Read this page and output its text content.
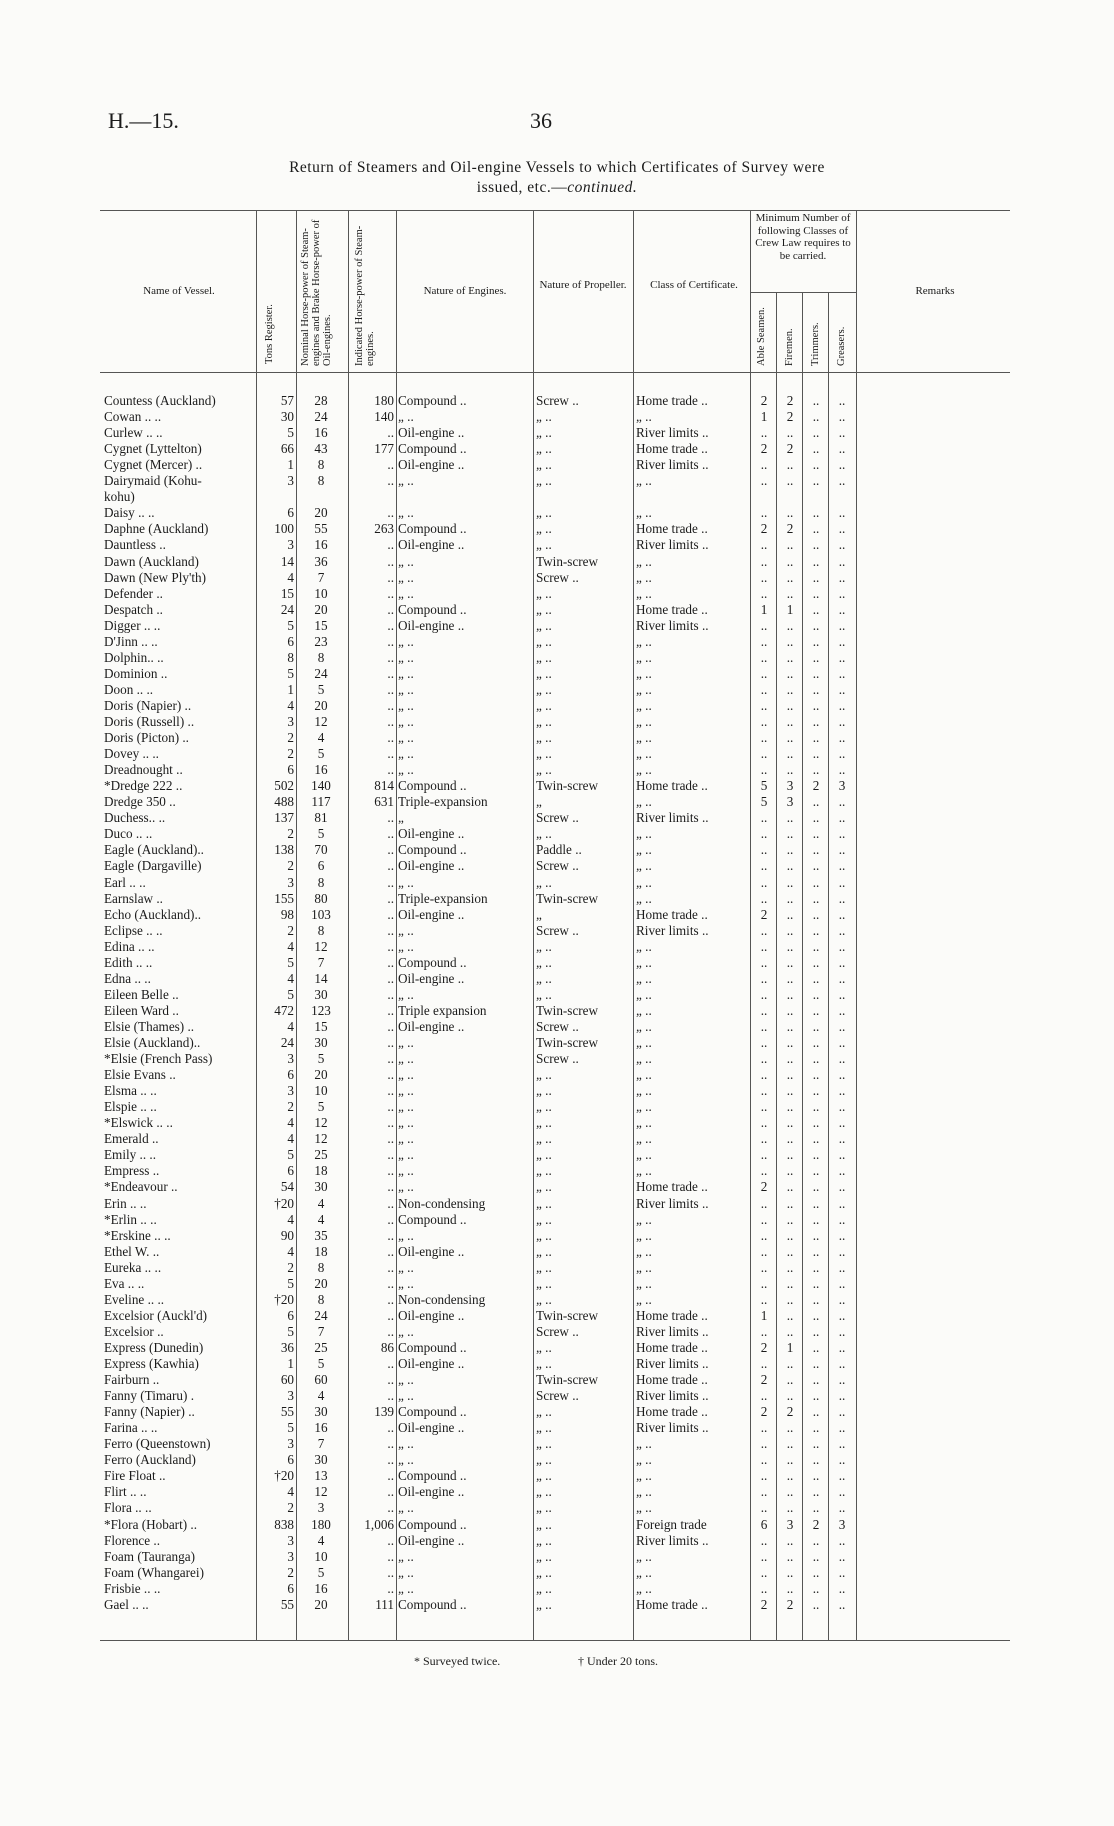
H.—15.	36
Return of Steamers and Oil-engine Vessels to which Certificates of Survey were
issued, etc.—continued.
Name of Vessel.
Tons Register. Nominal Horse-power of Steam-engines and Brake Horse-power of Oil-engines. Indicated Horse-power of Steam-engines.
Nature of Engines.	Nature of Propeller.	Class of Certificate.
Minimum Number of following Classes of Crew Law requires to be carried.
Able Seamen. Firemen. Trimmers. Greasers.
Remarks
Countess (Auckland)	57	28	180 Compound ..	Screw ..	Home trade ..	2	2	..	..
Cowan .. ..	30	24	140 „ ..	„ ..	„ ..	1	2	..	..
Curlew .. ..	5	16	.. Oil-engine ..	„ ..	River limits ..	..	..	..	..
Cygnet (Lyttelton)	66	43	177 Compound ..	„ ..	Home trade ..	2	2	..	..
Cygnet (Mercer) ..	1	8	.. Oil-engine ..	„ ..	River limits ..	..	..	..	..
Dairymaid (Kohu-	3	8	.. „ ..	„ ..	„ ..	..	..	..	..
kohu)
Daisy .. ..	6	20	.. „ ..	„ ..	„ ..	..	..	..	..
Daphne (Auckland)	100	55	263 Compound ..	„ ..	Home trade ..	2	2	..	..
Dauntless ..	3	16	.. Oil-engine ..	„ ..	River limits ..	..	..	..	..
Dawn (Auckland)	14	36	.. „ ..	Twin-screw	„ ..	..	..	..	..
Dawn (New Ply'th)	4	7	.. „ ..	Screw ..	„ ..	..	..	..	..
Defender ..	15	10	.. „ ..	„ ..	„ ..	..	..	..	..
Despatch ..	24	20	.. Compound ..	„ ..	Home trade ..	1	1	..	..
Digger .. ..	5	15	.. Oil-engine ..	„ ..	River limits ..	..	..	..	..
D'Jinn .. ..	6	23	.. „ ..	„ ..	„ ..	..	..	..	..
Dolphin.. ..	8	8	.. „ ..	„ ..	„ ..	..	..	..	..
Dominion ..	5	24	.. „ ..	„ ..	„ ..	..	..	..	..
Doon .. ..	1	5	.. „ ..	„ ..	„ ..	..	..	..	..
Doris (Napier) ..	4	20	.. „ ..	„ ..	„ ..	..	..	..	..
Doris (Russell) ..	3	12	.. „ ..	„ ..	„ ..	..	..	..	..
Doris (Picton) ..	2	4	.. „ ..	„ ..	„ ..	..	..	..	..
Dovey .. ..	2	5	.. „ ..	„ ..	„ ..	..	..	..	..
Dreadnought ..	6	16	.. „ ..	„ ..	„ ..	..	..	..	..
*Dredge 222 ..	502	140	814 Compound ..	Twin-screw	Home trade ..	5	3	2	3
Dredge 350 ..	488	117	631 Triple-expansion	„	„ ..	5	3	..	..
Duchess.. ..	137	81	.. „	Screw ..	River limits ..	..	..	..	..
Duco .. ..	2	5	.. Oil-engine ..	„ ..	„ ..	..	..	..	..
Eagle (Auckland)..	138	70	.. Compound ..	Paddle ..	„ ..	..	..	..	..
Eagle (Dargaville)	2	6	.. Oil-engine ..	Screw ..	„ ..	..	..	..	..
Earl .. ..	3	8	.. „ ..	„ ..	„ ..	..	..	..	..
Earnslaw ..	155	80	.. Triple-expansion	Twin-screw	„ ..	..	..	..	..
Echo (Auckland)..	98	103	.. Oil-engine ..	„	Home trade ..	2	..	..	..
Eclipse .. ..	2	8	.. „ ..	Screw ..	River limits ..	..	..	..	..
Edina .. ..	4	12	.. „ ..	„ ..	„ ..	..	..	..	..
Edith .. ..	5	7	.. Compound ..	„ ..	„ ..	..	..	..	..
Edna .. ..	4	14	.. Oil-engine ..	„ ..	„ ..	..	..	..	..
Eileen Belle ..	5	30	.. „ ..	„ ..	„ ..	..	..	..	..
Eileen Ward ..	472	123	.. Triple expansion	Twin-screw	„ ..	..	..	..	..
Elsie (Thames) ..	4	15	.. Oil-engine ..	Screw ..	„ ..	..	..	..	..
Elsie (Auckland)..	24	30	.. „ ..	Twin-screw	„ ..	..	..	..	..
*Elsie (French Pass)	3	5	.. „ ..	Screw ..	„ ..	..	..	..	..
Elsie Evans ..	6	20	.. „ ..	„ ..	„ ..	..	..	..	..
Elsma .. ..	3	10	.. „ ..	„ ..	„ ..	..	..	..	..
Elspie .. ..	2	5	.. „ ..	„ ..	„ ..	..	..	..	..
*Elswick .. ..	4	12	.. „ ..	„ ..	„ ..	..	..	..	..
Emerald ..	4	12	.. „ ..	„ ..	„ ..	..	..	..	..
Emily .. ..	5	25	.. „ ..	„ ..	„ ..	..	..	..	..
Empress ..	6	18	.. „ ..	„ ..	„ ..	..	..	..	..
*Endeavour ..	54	30	.. „ ..	„ ..	Home trade ..	2	..	..	..
Erin .. ..	†20	4	.. Non-condensing	„ ..	River limits ..	..	..	..	..
*Erlin .. ..	4	4	.. Compound ..	„ ..	„ ..	..	..	..	..
*Erskine .. ..	90	35	.. „ ..	„ ..	„ ..	..	..	..	..
Ethel W. ..	4	18	.. Oil-engine ..	„ ..	„ ..	..	..	..	..
Eureka .. ..	2	8	.. „ ..	„ ..	„ ..	..	..	..	..
Eva .. ..	5	20	.. „ ..	„ ..	„ ..	..	..	..	..
Eveline .. ..	†20	8	.. Non-condensing	„ ..	„ ..	..	..	..	..
Excelsior (Auckl'd)	6	24	.. Oil-engine ..	Twin-screw	Home trade ..	1	..	..	..
Excelsior ..	5	7	.. „ ..	Screw ..	River limits ..	..	..	..	..
Express (Dunedin)	36	25	86 Compound ..	„ ..	Home trade ..	2	1	..	..
Express (Kawhia)	1	5	.. Oil-engine ..	„ ..	River limits ..	..	..	..	..
Fairburn ..	60	60	.. „ ..	Twin-screw	Home trade ..	2	..	..	..
Fanny (Timaru) .	3	4	.. „ ..	Screw ..	River limits ..	..	..	..	..
Fanny (Napier) ..	55	30	139 Compound ..	„ ..	Home trade ..	2	2	..	..
Farina .. ..	5	16	.. Oil-engine ..	„ ..	River limits ..	..	..	..	..
Ferro (Queenstown)	3	7	.. „ ..	„ ..	„ ..	..	..	..	..
Ferro (Auckland)	6	30	.. „ ..	„ ..	„ ..	..	..	..	..
Fire Float ..	†20	13	.. Compound ..	„ ..	„ ..	..	..	..	..
Flirt .. ..	4	12	.. Oil-engine ..	„ ..	„ ..	..	..	..	..
Flora .. ..	2	3	.. „ ..	„ ..	„ ..	..	..	..	..
*Flora (Hobart) ..	838	180	1,006 Compound ..	„ ..	Foreign trade	6	3	2	3
Florence ..	3	4	.. Oil-engine ..	„ ..	River limits ..	..	..	..	..
Foam (Tauranga)	3	10	.. „ ..	„ ..	„ ..	..	..	..	..
Foam (Whangarei)	2	5	.. „ ..	„ ..	„ ..	..	..	..	..
Frisbie .. ..	6	16	.. „ ..	„ ..	„ ..	..	..	..	..
Gael .. ..	55	20	111 Compound ..	„ ..	Home trade ..	2	2	..	..
* Surveyed twice.	† Under 20 tons.
